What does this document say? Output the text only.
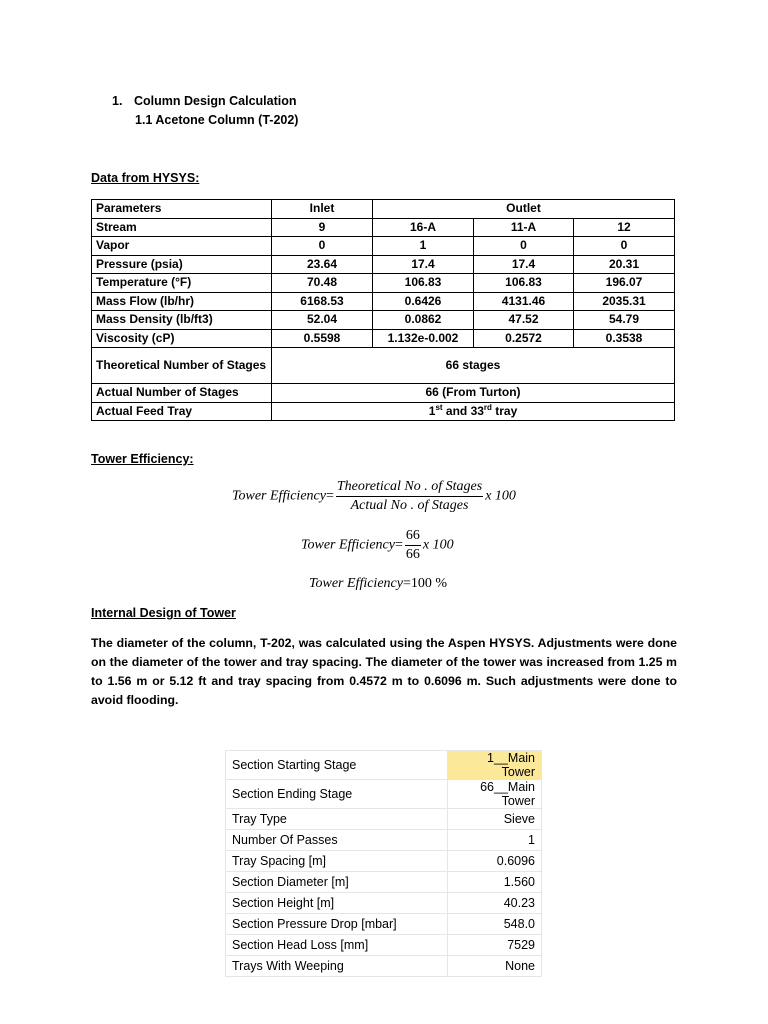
1. Column Design Calculation
1.1 Acetone Column (T-202)
Data from HYSYS:
Parameters	Inlet	Outlet		
Stream	9	16-A	11-A	12
Vapor	0	1	0	0
Pressure (psia)	23.64	17.4	17.4	20.31
Temperature (°F)	70.48	106.83	106.83	196.07
Mass Flow (lb/hr)	6168.53	0.6426	4131.46	2035.31
Mass Density (lb/ft3)	52.04	0.0862	47.52	54.79
Viscosity (cP)	0.5598	1.132e-0.002	0.2572	0.3538
Theoretical Number of Stages	66 stages			
Actual Number of Stages	66 (From Turton)			
Actual Feed Tray	1st and 33rd tray			
Tower Efficiency:
Tower Efficiency= $\frac{\text{Theoretical No . of Stages}}{\text{Actual No . of Stages}}$ x 100
Tower Efficiency= $\frac{66}{66}$ x 100
Tower Efficiency=100 %
Internal Design of Tower
The diameter of the column, T-202, was calculated using the Aspen HYSYS. Adjustments were done on the diameter of the tower and tray spacing. The diameter of the tower was increased from 1.25 m to 1.56 m or 5.12 ft and tray spacing from 0.4572 m to 0.6096 m. Such adjustments were done to avoid flooding.
Section Starting Stage	1__Main Tower
Section Ending Stage	66__Main Tower
Tray Type	Sieve
Number Of Passes	1
Tray Spacing [m]	0.6096
Section Diameter [m]	1.560
Section Height [m]	40.23
Section Pressure Drop [mbar]	548.0
Section Head Loss [mm]	7529
Trays With Weeping	None
